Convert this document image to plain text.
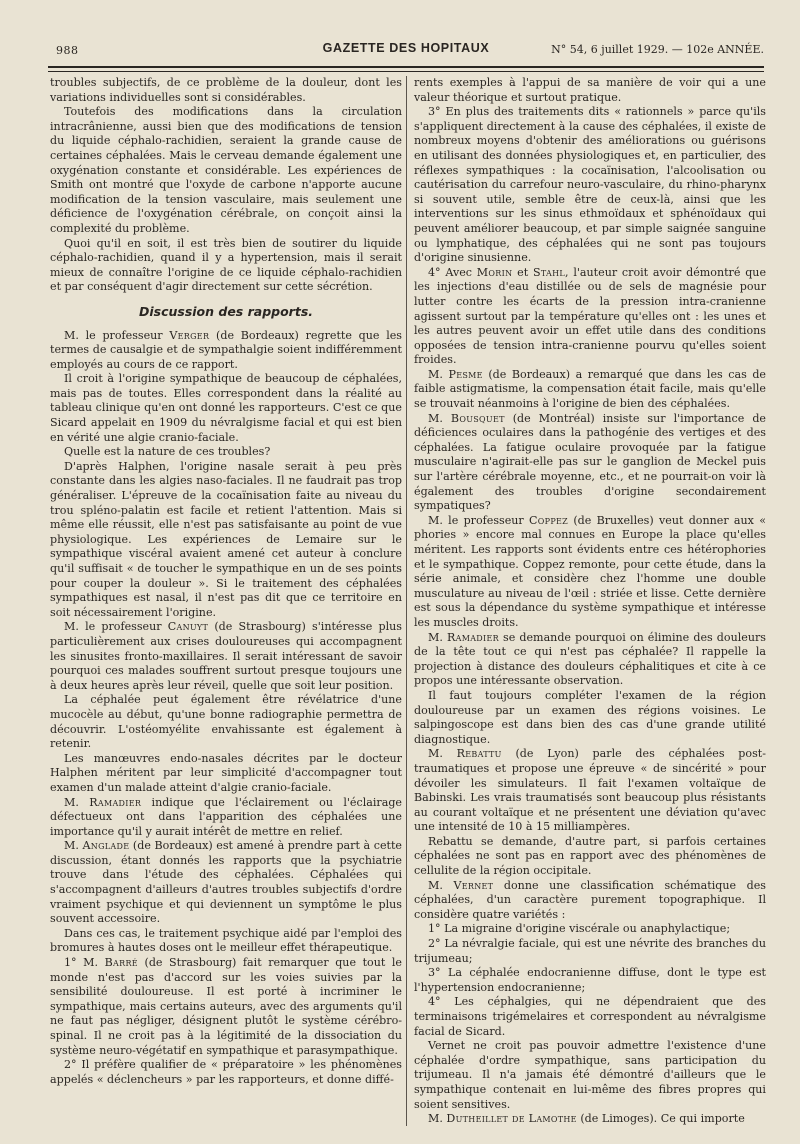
988	GAZETTE DES HOPITAUX	N° 54, 6 juillet 1929. — 102e ANNÉE.

troubles subjectifs, de ce problème de la douleur, dont les variations individuelles sont si considérables.

Toutefois des modifications dans la circulation intracrânienne, aussi bien que des modifications de tension du liquide céphalo-rachidien, seraient la grande cause de certaines céphalées. Mais le cerveau demande également une oxygénation constante et considérable. Les expériences de Smith ont montré que l'oxyde de carbone n'apporte aucune modification de la tension vasculaire, mais seulement une déficience de l'oxygénation cérébrale, on conçoit ainsi la complexité du problème.

Quoi qu'il en soit, il est très bien de soutirer du liquide céphalo-rachidien, quand il y a hypertension, mais il serait mieux de connaître l'origine de ce liquide céphalo-rachidien et par conséquent d'agir directement sur cette sécrétion.

Discussion des rapports.

M. le professeur Verger (de Bordeaux) regrette que les termes de causalgie et de sympathalgie soient indifféremment employés au cours de ce rapport.

Il croit à l'origine sympathique de beaucoup de céphalées, mais pas de toutes. Elles correspondent dans la réalité au tableau clinique qu'en ont donné les rapporteurs. C'est ce que Sicard appelait en 1909 du névralgisme facial et qui est bien en vérité une algie cranio-faciale.

Quelle est la nature de ces troubles?

D'après Halphen, l'origine nasale serait à peu près constante dans les algies naso-faciales. Il ne faudrait pas trop généraliser. L'épreuve de la cocaïnisation faite au niveau du trou spléno-palatin est facile et retient l'attention. Mais si même elle réussit, elle n'est pas satisfaisante au point de vue physiologique. Les expériences de Lemaire sur le sympathique viscéral avaient amené cet auteur à conclure qu'il suffisait « de toucher le sympathique en un de ses points pour couper la douleur ». Si le traitement des céphalées sympathiques est nasal, il n'est pas dit que ce territoire en soit nécessairement l'origine.

M. le professeur Canuyt (de Strasbourg) s'intéresse plus particulièrement aux crises douloureuses qui accompagnent les sinusites fronto-maxillaires. Il serait intéressant de savoir pourquoi ces malades souffrent surtout presque toujours une à deux heures après leur réveil, quelle que soit leur position.

La céphalée peut également être révélatrice d'une mucocèle au début, qu'une bonne radiographie permettra de découvrir. L'ostéomyélite envahissante est également à retenir.

Les manœuvres endo-nasales décrites par le docteur Halphen méritent par leur simplicité d'accompagner tout examen d'un malade atteint d'algie cranio-faciale.

M. Ramadier indique que l'éclairement ou l'éclairage défectueux ont dans l'apparition des céphalées une importance qu'il y aurait intérêt de mettre en relief.

M. Anglade (de Bordeaux) est amené à prendre part à cette discussion, étant donnés les rapports que la psychiatrie trouve dans l'étude des céphalées. Céphalées qui s'accompagnent d'ailleurs d'autres troubles subjectifs d'ordre vraiment psychique et qui deviennent un symptôme le plus souvent accessoire.

Dans ces cas, le traitement psychique aidé par l'emploi des bromures à hautes doses ont le meilleur effet thérapeutique.

1° M. Barré (de Strasbourg) fait remarquer que tout le monde n'est pas d'accord sur les voies suivies par la sensibilité douloureuse. Il est porté à incriminer le sympathique, mais certains auteurs, avec des arguments qu'il ne faut pas négliger, désignent plutôt le système cérébro-spinal. Il ne croit pas à la légitimité de la dissociation du système neuro-végétatif en sympathique et parasympathique.

2° Il préfère qualifier de « préparatoire » les phénomènes appelés « déclencheurs » par les rapporteurs, et donne diffé-

rents exemples à l'appui de sa manière de voir qui a une valeur théorique et surtout pratique.

3° En plus des traitements dits « rationnels » parce qu'ils s'appliquent directement à la cause des céphalées, il existe de nombreux moyens d'obtenir des améliorations ou guérisons en utilisant des données physiologiques et, en particulier, des réflexes sympathiques : la cocaïnisation, l'alcoolisation ou cautérisation du carrefour neuro-vasculaire, du rhino-pharynx si souvent utile, semble être de ceux-là, ainsi que les interventions sur les sinus ethmoïdaux et sphénoïdaux qui peuvent améliorer beaucoup, et par simple saignée sanguine ou lymphatique, des céphalées qui ne sont pas toujours d'origine sinusienne.

4° Avec Morin et Stahl, l'auteur croit avoir démontré que les injections d'eau distillée ou de sels de magnésie pour lutter contre les écarts de la pression intra-cranienne agissent surtout par la température qu'elles ont : les unes et les autres peuvent avoir un effet utile dans des conditions opposées de tension intra-cranienne pourvu qu'elles soient froides.

M. Pesme (de Bordeaux) a remarqué que dans les cas de faible astigmatisme, la compensation était facile, mais qu'elle se trouvait néanmoins à l'origine de bien des céphalées.

M. Bousquet (de Montréal) insiste sur l'importance de déficiences oculaires dans la pathogénie des vertiges et des céphalées. La fatigue oculaire provoquée par la fatigue musculaire n'agirait-elle pas sur le ganglion de Meckel puis sur l'artère cérébrale moyenne, etc., et ne pourrait-on voir là également des troubles d'origine secondairement sympatiques?

M. le professeur Coppez (de Bruxelles) veut donner aux « phories » encore mal connues en Europe la place qu'elles méritent. Les rapports sont évidents entre ces hétérophories et le sympathique. Coppez remonte, pour cette étude, dans la série animale, et considère chez l'homme une double musculature au niveau de l'œil : striée et lisse. Cette dernière est sous la dépendance du système sympathique et intéresse les muscles droits.

M. Ramadier se demande pourquoi on élimine des douleurs de la tête tout ce qui n'est pas céphalée? Il rappelle la projection à distance des douleurs céphalitiques et cite à ce propos une intéressante observation.

Il faut toujours compléter l'examen de la région douloureuse par un examen des régions voisines. Le salpingoscope est dans bien des cas d'une grande utilité diagnostique.

M. Rebattu (de Lyon) parle des céphalées post-traumatiques et propose une épreuve « de sincérité » pour dévoiler les simulateurs. Il fait l'examen voltaïque de Babinski. Les vrais traumatisés sont beaucoup plus résistants au courant voltaïque et ne présentent une déviation qu'avec une intensité de 10 à 15 milliampères.

Rebattu se demande, d'autre part, si parfois certaines céphalées ne sont pas en rapport avec des phénomènes de cellulite de la région occipitale.

M. Vernet donne une classification schématique des céphalées, d'un caractère purement topographique. Il considère quatre variétés :

1° La migraine d'origine viscérale ou anaphylactique;

2° La névralgie faciale, qui est une névrite des branches du trijumeau;

3° La céphalée endocranienne diffuse, dont le type est l'hypertension endocranienne;

4° Les céphalgies, qui ne dépendraient que des terminaisons trigémelaires et correspondent au névralgisme facial de Sicard.

Vernet ne croit pas pouvoir admettre l'existence d'une céphalée d'ordre sympathique, sans participation du trijumeau. Il n'a jamais été démontré d'ailleurs que le sympathique contenait en lui-même des fibres propres qui soient sensitives.

M. Dutheillet de Lamothe (de Limoges). Ce qui importe
